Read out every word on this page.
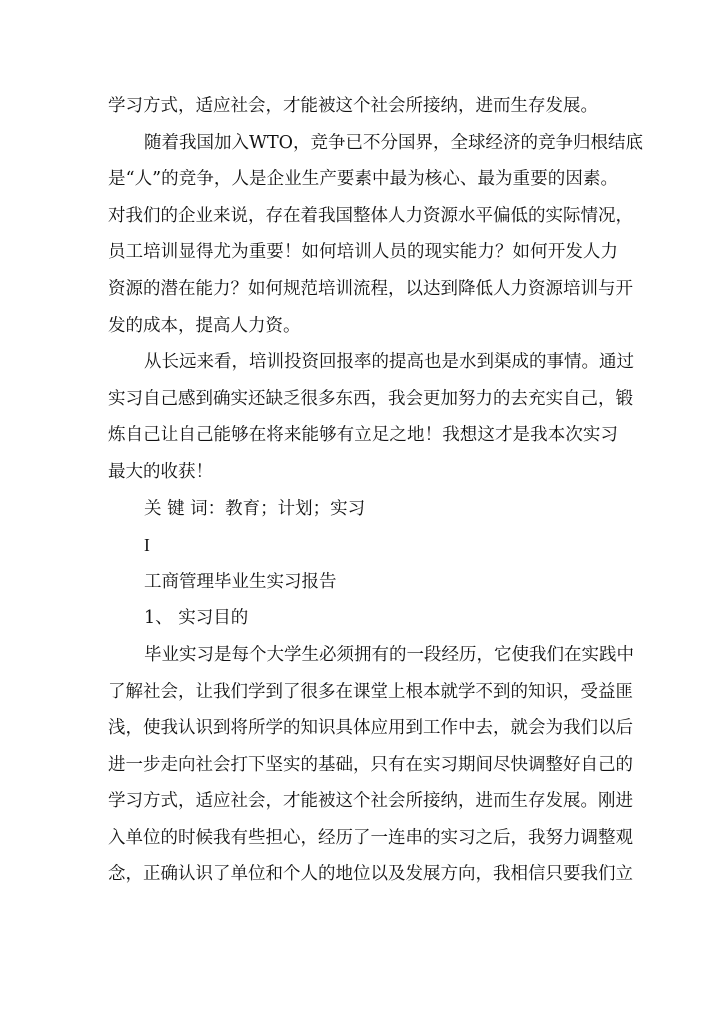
学习方式，适应社会，才能被这个社会所接纳，进而生存发展。
随着我国加入WTO，竞争已不分国界，全球经济的竞争归根结底
是“人”的竞争，人是企业生产要素中最为核心、最为重要的因素。
对我们的企业来说，存在着我国整体人力资源水平偏低的实际情况，
员工培训显得尤为重要！如何培训人员的现实能力？如何开发人力
资源的潜在能力？如何规范培训流程，以达到降低人力资源培训与开
发的成本，提高人力资。
从长远来看，培训投资回报率的提高也是水到渠成的事情。通过
实习自己感到确实还缺乏很多东西，我会更加努力的去充实自己，锻
炼自己让自己能够在将来能够有立足之地！我想这才是我本次实习
最大的收获！
关 键 词：教育；计划；实习
I
工商管理毕业生实习报告
1、 实习目的
毕业实习是每个大学生必须拥有的一段经历，它使我们在实践中
了解社会，让我们学到了很多在课堂上根本就学不到的知识，受益匪
浅，使我认识到将所学的知识具体应用到工作中去，就会为我们以后
进一步走向社会打下坚实的基础，只有在实习期间尽快调整好自己的
学习方式，适应社会，才能被这个社会所接纳，进而生存发展。刚进
入单位的时候我有些担心，经历了一连串的实习之后，我努力调整观
念，正确认识了单位和个人的地位以及发展方向，我相信只要我们立
